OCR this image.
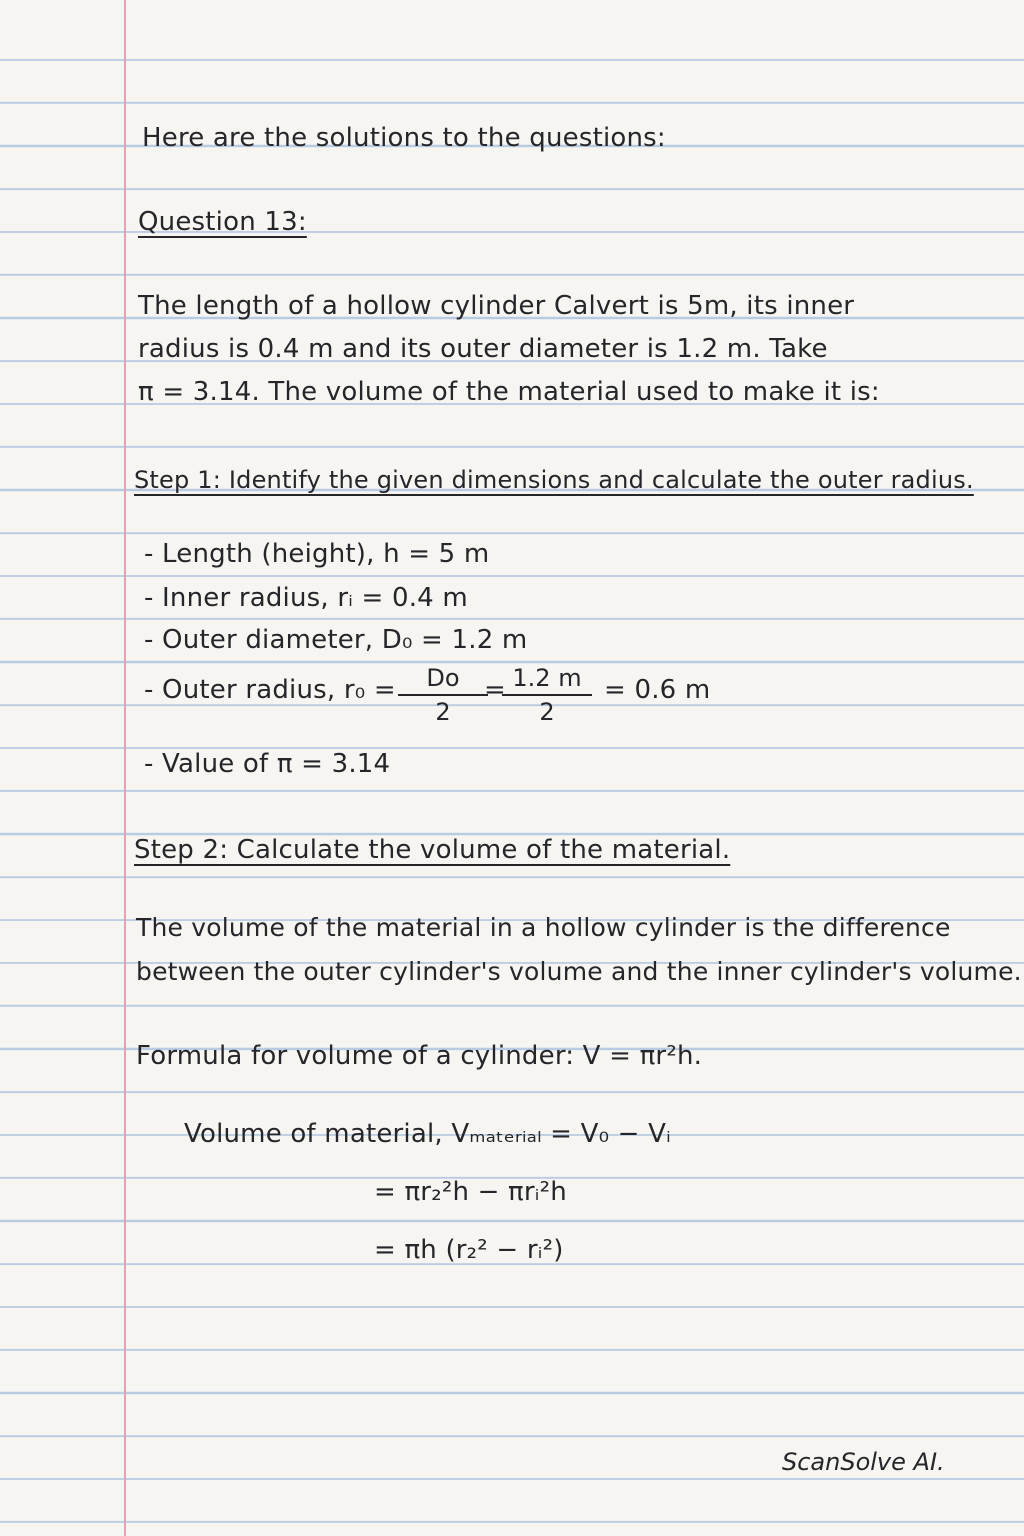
Here are the solutions to the questions:
Question 13:
The length of a hollow cylinder Calvert is 5m, its inner
radius is 0.4 m and its outer diameter is 1.2 m. Take
π = 3.14. The volume of the material used to make it is:
Step 1: Identify the given dimensions and calculate the outer radius.
- Length (height), h = 5 m
- Inner radius, rᵢ = 0.4 m
- Outer diameter, D₀ = 1.2 m
- Outer radius, $r_0 = \frac{Do}{2}$
=
$\frac{1.2 m}{2} = 0.6$ m
- Value of π = 3.14
Step 2: Calculate the volume of the material.
The volume of the material in a hollow cylinder is the difference
between the outer cylinder's volume and the inner cylinder's volume.
Formula for volume of a cylinder: V = πr²h.
Volume of material, Vₘₐₜₑᵣᵢₐₗ = V₀ − Vᵢ
= πr₂²h − πrᵢ²h
= πh (r₂² − rᵢ²)
ScanSolve AI.
